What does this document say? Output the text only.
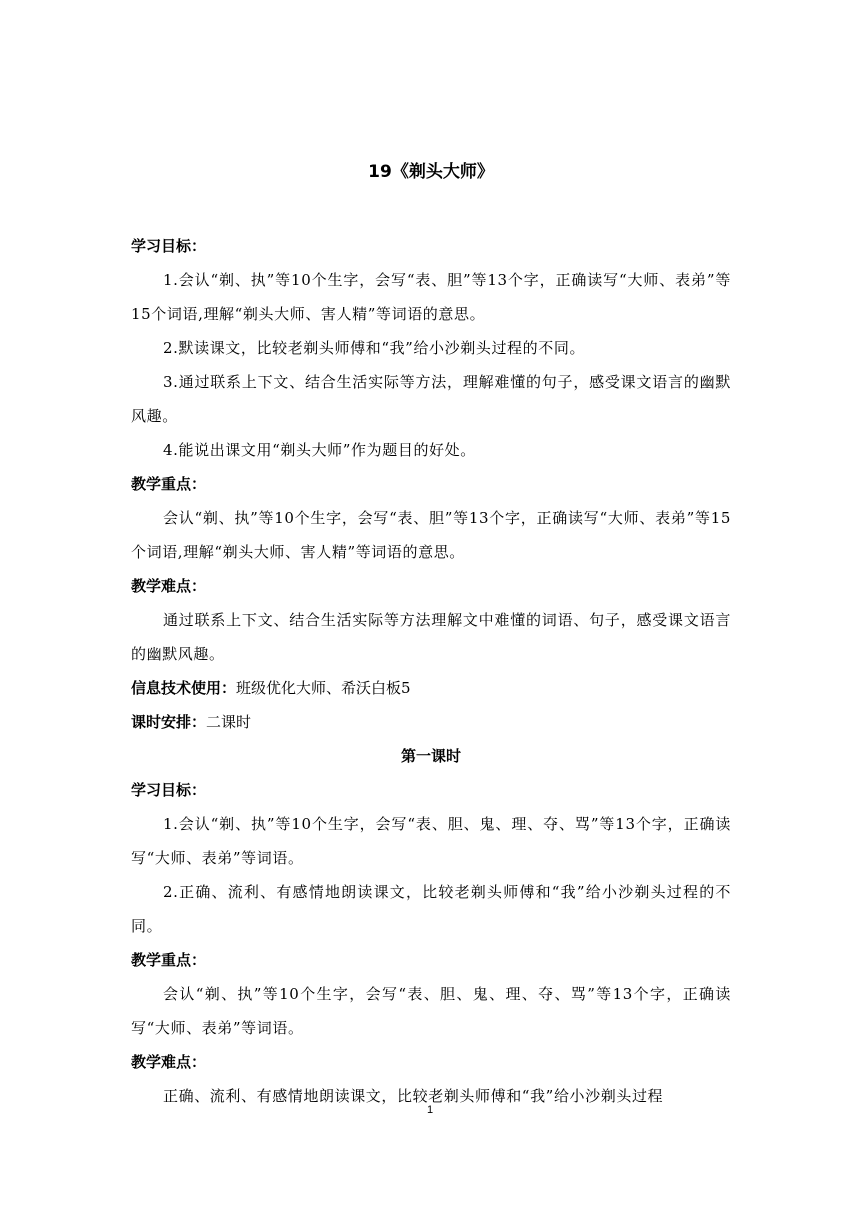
19《剃头大师》
学习目标：
1.会认“剃、执”等10个生字，会写“表、胆”等13个字，正确读写“大师、表弟”等15个词语,理解“剃头大师、害人精”等词语的意思。
2.默读课文，比较老剃头师傅和“我”给小沙剃头过程的不同。
3.通过联系上下文、结合生活实际等方法，理解难懂的句子，感受课文语言的幽默风趣。
4.能说出课文用“剃头大师”作为题目的好处。
教学重点：
会认“剃、执”等10个生字，会写“表、胆”等13个字，正确读写“大师、表弟”等15个词语,理解“剃头大师、害人精”等词语的意思。
教学难点：
通过联系上下文、结合生活实际等方法理解文中难懂的词语、句子，感受课文语言的幽默风趣。
信息技术使用：班级优化大师、希沃白板5
课时安排：二课时
第一课时
学习目标：
1.会认“剃、执”等10个生字，会写“表、胆、鬼、理、夺、骂”等13个字，正确读写“大师、表弟”等词语。
2.正确、流利、有感情地朗读课文，比较老剃头师傅和“我”给小沙剃头过程的不同。
教学重点：
会认“剃、执”等10个生字，会写“表、胆、鬼、理、夺、骂”等13个字，正确读写“大师、表弟”等词语。
教学难点：
正确、流利、有感情地朗读课文，比较老剃头师傅和“我”给小沙剃头过程
1
